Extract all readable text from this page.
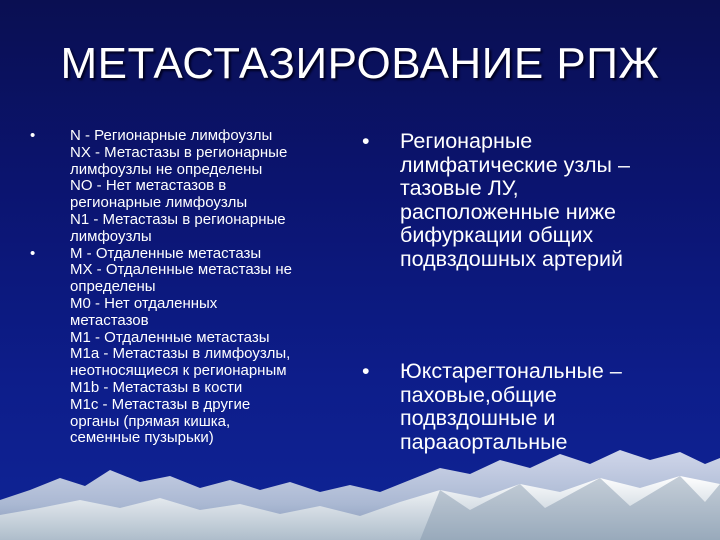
МЕТАСТАЗИРОВАНИЕ РПЖ
• N - Регионарные лимфоузлы
NX - Метастазы в регионарные
лимфоузлы не определены
NO - Нет метастазов в
регионарные лимфоузлы
N1 - Метастазы в регионарные
лимфоузлы
• M - Отдаленные метастазы
MX - Отдаленные метастазы не
определены
M0 - Нет отдаленных
метастазов
M1 - Отдаленные метастазы
M1a - Метастазы в лимфоузлы,
неотносящиеся к регионарным
M1b - Метастазы в кости
M1c - Метастазы в другие
органы (прямая кишка,
семенные пузырьки)
• Регионарные
лимфатические узлы –
тазовые ЛУ,
расположенные ниже
бифуркации общих
подвздошных артерий
• Юкстарегтональные –
паховые,общие
подвздошные и
парааортальные
